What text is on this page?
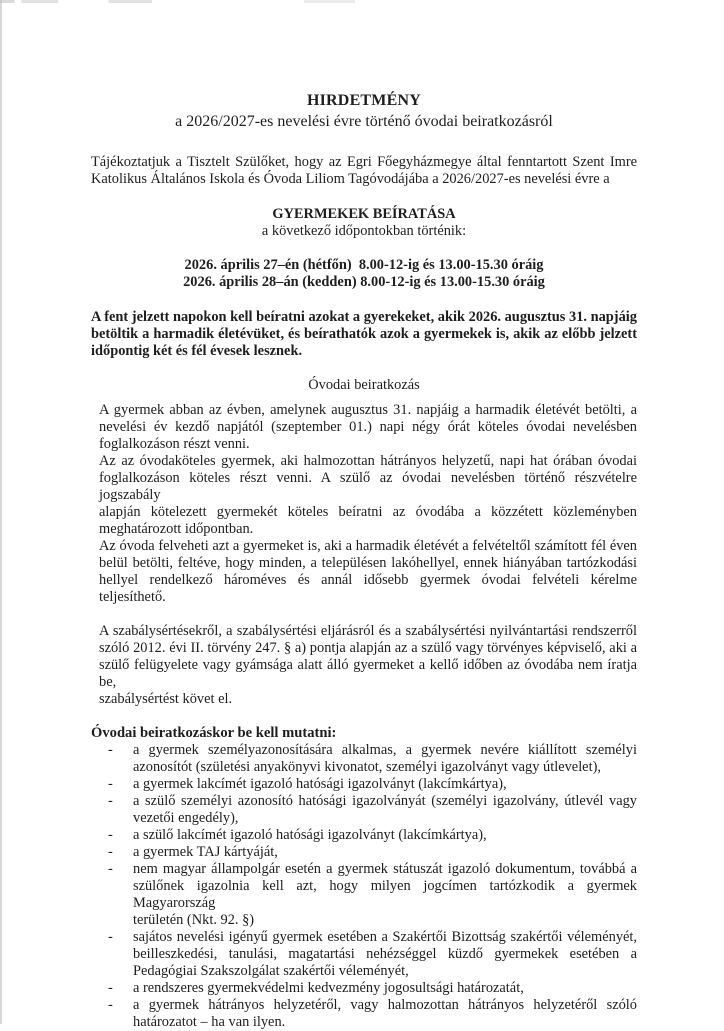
HIRDETMÉNY
a 2026/2027-es nevelési évre történő óvodai beiratkozásról
Tájékoztatjuk a Tisztelt Szülőket, hogy az Egri Főegyházmegye által fenntartott Szent Imre
Katolikus Általános Iskola és Óvoda Liliom Tagóvodájába a 2026/2027-es nevelési évre a
GYERMEKEK BEÍRATÁSA
a következő időpontokban történik:
2026. április 27–én (hétfőn)  8.00-12-ig és 13.00-15.30 óráig
2026. április 28–án (kedden) 8.00-12-ig és 13.00-15.30 óráig
A fent jelzett napokon kell beíratni azokat a gyerekeket, akik 2026. augusztus 31. napjáig
betöltik a harmadik életévüket, és beírathatók azok a gyermekek is, akik az előbb jelzett
időpontig két és fél évesek lesznek.
Óvodai beiratkozás

A gyermek abban az évben, amelynek augusztus 31. napjáig a harmadik életévét betölti, a
nevelési év kezdő napjától (szeptember 01.) napi négy órát köteles óvodai nevelésben
foglalkozáson részt venni.

Az az óvodaköteles gyermek, aki halmozottan hátrányos helyzetű, napi hat órában óvodai
foglalkozáson köteles részt venni. A szülő az óvodai nevelésben történő részvételre jogszabály
alapján kötelezett gyermekét köteles beíratni az óvodába a közzétett közleményben
meghatározott időpontban.

Az óvoda felveheti azt a gyermeket is, aki a harmadik életévét a felvételtől számított fél éven
belül betölti, feltéve, hogy minden, a településen lakóhellyel, ennek hiányában tartózkodási
hellyel rendelkező hároméves és annál idősebb gyermek óvodai felvételi kérelme teljesíthető.

A szabálysértésekről, a szabálysértési eljárásról és a szabálysértési nyilvántartási rendszerről
szóló 2012. évi II. törvény 247. § a) pontja alapján az a szülő vagy törvényes képviselő, aki a
szülő felügyelete vagy gyámsága alatt álló gyermeket a kellő időben az óvodába nem íratja be,
szabálysértést követ el.
Óvodai beiratkozáskor be kell mutatni:
- a gyermek személyazonosítására alkalmas, a gyermek nevére kiállított személyi
azonosítót (születési anyakönyvi kivonatot, személyi igazolványt vagy útlevelet),
- a gyermek lakcímét igazoló hatósági igazolványt (lakcímkártya),
- a szülő személyi azonosító hatósági igazolványát (személyi igazolvány, útlevél vagy
vezetői engedély),
- a szülő lakcímét igazoló hatósági igazolványt (lakcímkártya),
- a gyermek TAJ kártyáját,
- nem magyar állampolgár esetén a gyermek státuszát igazoló dokumentum, továbbá a
szülőnek igazolnia kell azt, hogy milyen jogcímen tartózkodik a gyermek Magyarország
területén (Nkt. 92. §)
- sajátos nevelési igényű gyermek esetében a Szakértői Bizottság szakértői véleményét,
beilleszkedési, tanulási, magatartási nehézséggel küzdő gyermekek esetében a
Pedagógiai Szakszolgálat szakértői véleményét,
- a rendszeres gyermekvédelmi kedvezmény jogosultsági határozatát,
- a gyermek hátrányos helyzetéről, vagy halmozottan hátrányos helyzetéről szóló
határozatot – ha van ilyen.
